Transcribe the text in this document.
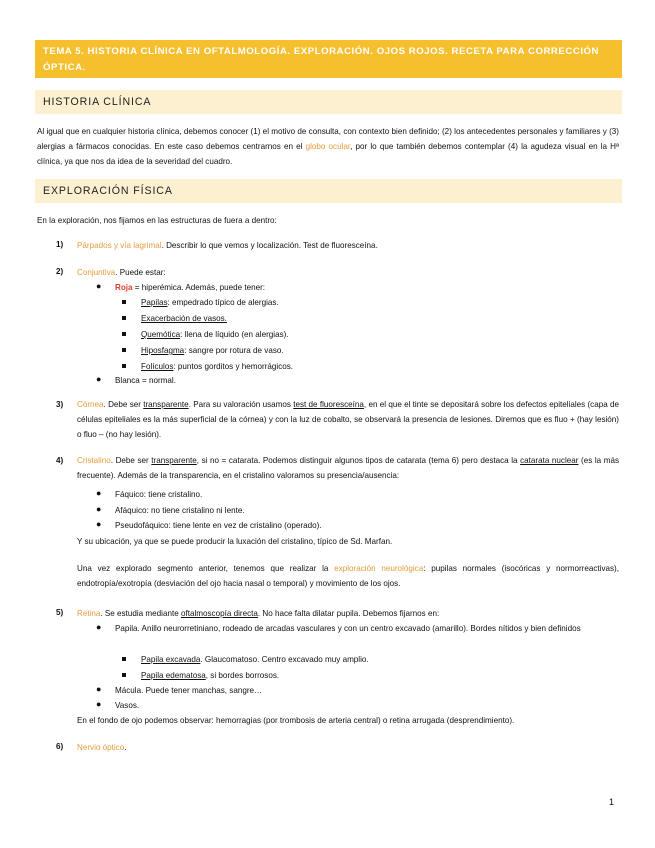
TEMA 5. HISTORIA CLÍNICA EN OFTALMOLOGÍA. EXPLORACIÓN. OJOS ROJOS. RECETA PARA CORRECCIÓN ÓPTICA.
HISTORIA CLÍNICA
Al igual que en cualquier historia clínica, debemos conocer (1) el motivo de consulta, con contexto bien definido; (2) los antecedentes personales y familiares y (3) alergias a fármacos conocidas. En este caso debemos centrarnos en el globo ocular, por lo que también debemos contemplar (4) la agudeza visual en la Hª clínica, ya que nos da idea de la severidad del cuadro.
EXPLORACIÓN FÍSICA
En la exploración, nos fijamos en las estructuras de fuera a dentro:
1) Párpados y vía lagrimal. Describir lo que vemos y localización. Test de fluoresceína.
2) Conjuntiva. Puede estar:
● Roja = hiperémica. Además, puede tener:
Papilas: empedrado típico de alergias.
Exacerbación de vasos.
Quemótica: llena de líquido (en alergias).
Hiposfagma: sangre por rotura de vaso.
Folículos: puntos gorditos y hemorrágicos.
● Blanca = normal.
3) Córnea. Debe ser transparente. Para su valoración usamos test de fluoresceína, en el que el tinte se depositará sobre los defectos epiteliales (capa de células epiteliales es la más superficial de la córnea) y con la luz de cobalto, se observará la presencia de lesiones. Diremos que es fluo + (hay lesión) o fluo – (no hay lesión).
4) Cristalino. Debe ser transparente, si no = catarata. Podemos distinguir algunos tipos de catarata (tema 6) pero destaca la catarata nuclear (es la más frecuente). Además de la transparencia, en el cristalino valoramos su presencia/ausencia:
● Fáquico: tiene cristalino.
● Afáquico: no tiene cristalino ni lente.
● Pseudofáquico: tiene lente en vez de cristalino (operado).
Y su ubicación, ya que se puede producir la luxación del cristalino, típico de Sd. Marfan.
Una vez explorado segmento anterior, tenemos que realizar la exploración neurológica: pupilas normales (isocóricas y normorreactivas), endotropía/exotropía (desviación del ojo hacia nasal o temporal) y movimiento de los ojos.
5) Retina. Se estudia mediante oftalmoscopía directa. No hace falta dilatar pupila. Debemos fijarnos en:
● Papila. Anillo neurorretiniano, rodeado de arcadas vasculares y con un centro excavado (amarillo). Bordes nítidos y bien definidos
Papila excavada. Glaucomatoso. Centro excavado muy amplio.
Papila edematosa, si bordes borrosos.
● Mácula. Puede tener manchas, sangre…
● Vasos.
En el fondo de ojo podemos observar: hemorragias (por trombosis de arteria central) o retina arrugada (desprendimiento).
6) Nervio óptico.
1
